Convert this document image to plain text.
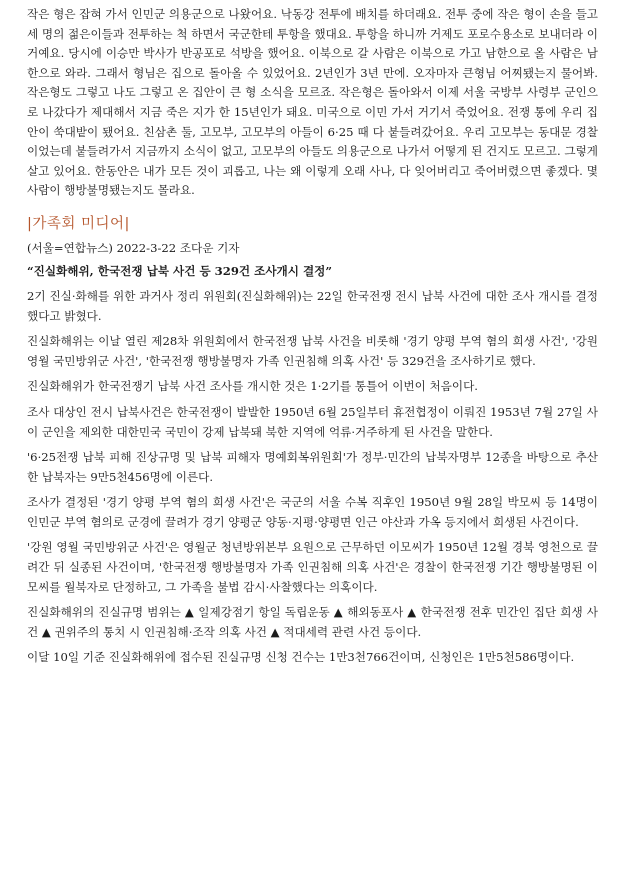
작은 형은 잡혀 가서 인민군 의용군으로 나왔어요. 낙동강 전투에 배치를 하더래요. 전투 중에 작은 형이 손을 들고 세 명의 젊은이들과 전투하는 척 하면서 국군한테 투항을 했대요. 투항을 하니까 거제도 포로수용소로 보내더라 이거예요. 당시에 이승만 박사가 반공포로 석방을 했어요. 이북으로 갈 사람은 이북으로 가고 남한으로 올 사람은 남한으로 와라. 그래서 형님은 집으로 돌아올 수 있었어요. 2년인가 3년 만에. 오자마자 큰형님 어찌됐는지 물어봐. 작은형도 그렇고 나도 그렇고 온 집안이 큰 형 소식을 모르죠. 작은형은 돌아와서 이제 서울 국방부 사령부 군인으로 나갔다가 제대해서 지금 죽은 지가 한 15년인가 돼요. 미국으로 이민 가서 거기서 죽었어요. 전쟁 통에 우리 집안이 쑥대밭이 됐어요. 친삼촌 둘, 고모부, 고모부의 아들이 6·25 때 다 붙들려갔어요. 우리 고모부는 동대문 경찰이었는데 붙들려가서 지금까지 소식이 없고, 고모부의 아들도 의용군으로 나가서 어떻게 된 건지도 모르고. 그렇게 살고 있어요. 한동안은 내가 모든 것이 괴롭고, 나는 왜 이렇게 오래 사나, 다 잊어버리고 죽어버렸으면 좋겠다. 몇 사람이 행방불명됐는지도 몰라요.

|가족회 미디어|

(서울=연합뉴스) 2022-3-22 조다운 기자

“진실화해위, 한국전쟁 납북 사건 등 329건 조사개시 결정”

2기 진실·화해를 위한 과거사 정리 위원회(진실화해위)는 22일 한국전쟁 전시 납북 사건에 대한 조사 개시를 결정했다고 밝혔다.

진실화해위는 이날 열린 제28차 위원회에서 한국전쟁 납북 사건을 비롯해 '경기 양평 부역 혐의 희생 사건', '강원 영월 국민방위군 사건', '한국전쟁 행방불명자 가족 인권침해 의혹 사건' 등 329건을 조사하기로 했다.

진실화해위가 한국전쟁기 납북 사건 조사를 개시한 것은 1·2기를 통틀어 이번이 처음이다.

조사 대상인 전시 납북사건은 한국전쟁이 발발한 1950년 6월 25일부터 휴전협정이 이뤄진 1953년 7월 27일 사이 군인을 제외한 대한민국 국민이 강제 납북돼 북한 지역에 억류·거주하게 된 사건을 말한다.

'6·25전쟁 납북 피해 진상규명 및 납북 피해자 명예회복위원회'가 정부·민간의 납북자명부 12종을 바탕으로 추산한 납북자는 9만5천456명에 이른다.

조사가 결정된 '경기 양평 부역 혐의 희생 사건'은 국군의 서울 수복 직후인 1950년 9월 28일 박모씨 등 14명이 인민군 부역 혐의로 군경에 끌려가 경기 양평군 양동·지평·양평면 인근 야산과 가옥 등지에서 희생된 사건이다.

'강원 영월 국민방위군 사건'은 영월군 청년방위본부 요원으로 근무하던 이모씨가 1950년 12월 경북 영천으로 끌려간 뒤 실종된 사건이며, '한국전쟁 행방불명자 가족 인권침해 의혹 사건'은 경찰이 한국전쟁 기간 행방불명된 이모씨를 월북자로 단정하고, 그 가족을 불법 감시·사찰했다는 의혹이다.

진실화해위의 진실규명 범위는 ▲ 일제강점기 항일 독립운동 ▲ 해외동포사 ▲ 한국전쟁 전후 민간인 집단 희생 사건 ▲ 권위주의 통치 시 인권침해·조작 의혹 사건 ▲ 적대세력 관련 사건 등이다.

이달 10일 기준 진실화해위에 접수된 진실규명 신청 건수는 1만3천766건이며, 신청인은 1만5천586명이다.
